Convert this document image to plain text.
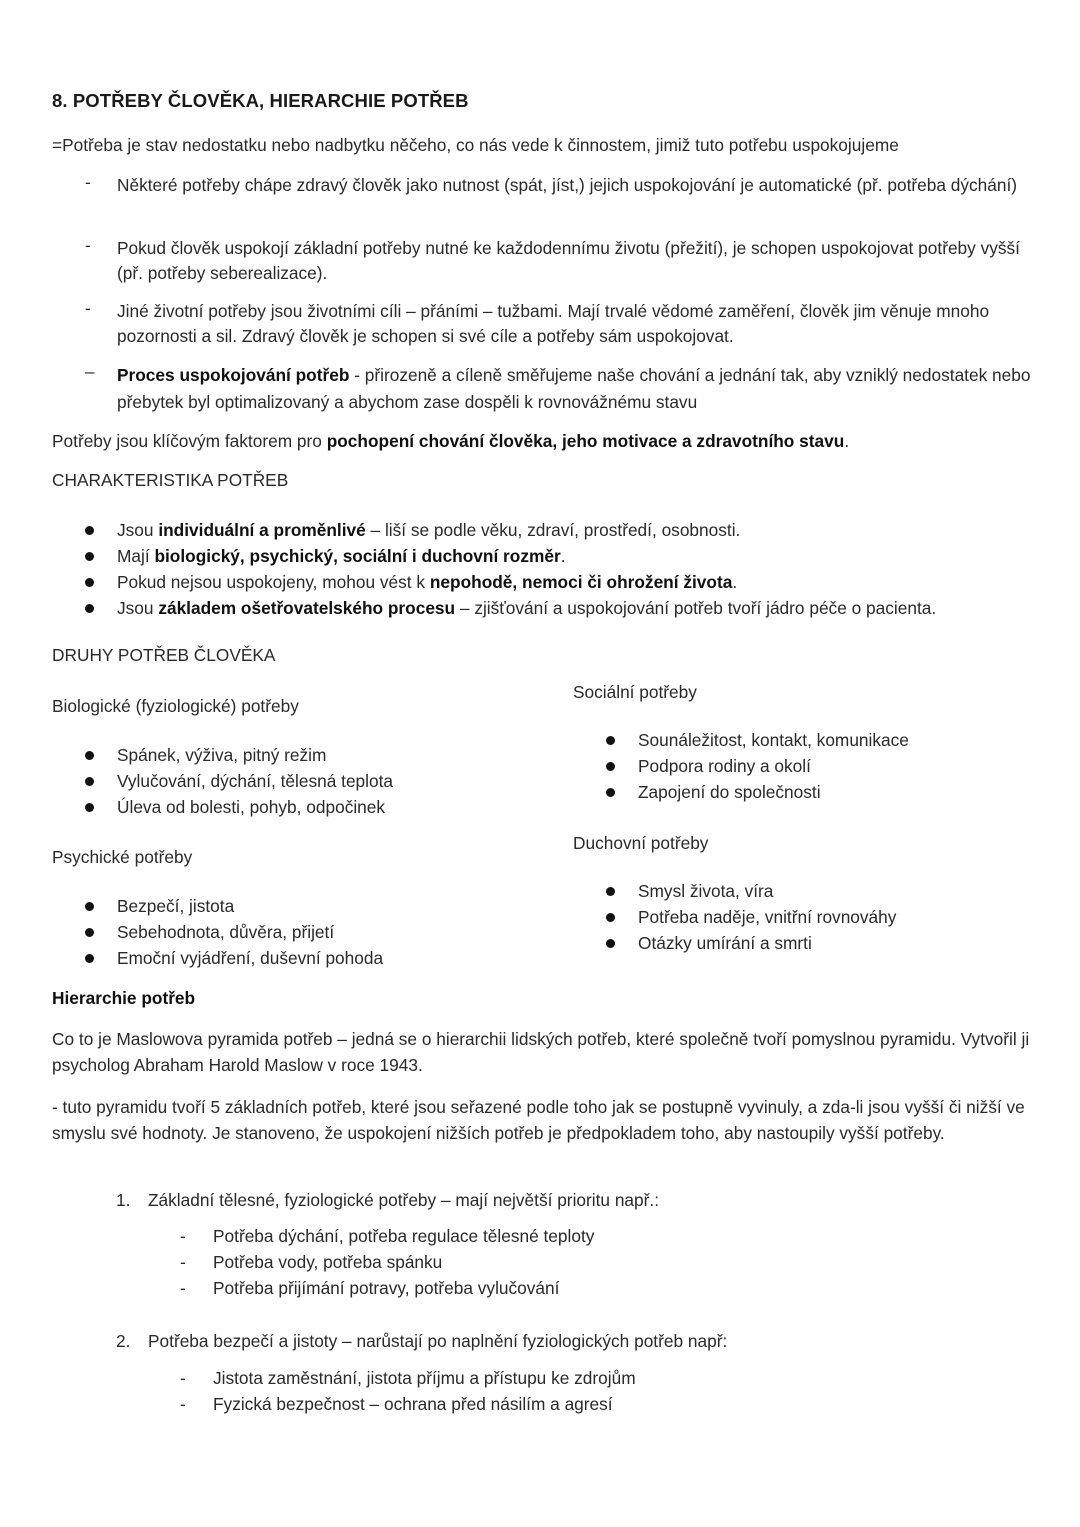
8. POTŘEBY ČLOVĚKA, HIERARCHIE POTŘEB
=Potřeba je stav nedostatku nebo nadbytku něčeho, co nás vede k činnostem, jimiž tuto potřebu uspokojujeme
-	Některé potřeby chápe zdravý člověk jako nutnost (spát, jíst,) jejich uspokojování je automatické (př. potřeba dýchání)
-	Pokud člověk uspokojí základní potřeby nutné ke každodennímu životu (přežití), je schopen uspokojovat potřeby vyšší (př. potřeby seberealizace).
-	Jiné životní potřeby jsou životními cíli – přáními – tužbami. Mají trvalé vědomé zaměření, člověk jim věnuje mnoho pozornosti a sil. Zdravý člověk je schopen si své cíle a potřeby sám uspokojovat.
–	Proces uspokojování potřeb - přirozeně a cíleně směřujeme naše chování a jednání tak, aby vzniklý nedostatek nebo přebytek byl optimalizovaný a abychom zase dospěli k rovnovážnému stavu
Potřeby jsou klíčovým faktorem pro pochopení chování člověka, jeho motivace a zdravotního stavu.
CHARAKTERISTIKA POTŘEB
Jsou individuální a proměnlivé – liší se podle věku, zdraví, prostředí, osobnosti.
Mají biologický, psychický, sociální i duchovní rozměr.
Pokud nejsou uspokojeny, mohou vést k nepohodě, nemoci či ohrožení života.
Jsou základem ošetřovatelského procesu – zjišťování a uspokojování potřeb tvoří jádro péče o pacienta.
DRUHY POTŘEB ČLOVĚKA
Biologické (fyziologické) potřeby
Spánek, výživa, pitný režim
Vylučování, dýchání, tělesná teplota
Úleva od bolesti, pohyb, odpočinek
Psychické potřeby
Bezpečí, jistota
Sebehodnota, důvěra, přijetí
Emoční vyjádření, duševní pohoda
Sociální potřeby
Sounáležitost, kontakt, komunikace
Podpora rodiny a okolí
Zapojení do společnosti
Duchovní potřeby
Smysl života, víra
Potřeba naděje, vnitřní rovnováhy
Otázky umírání a smrti
Hierarchie potřeb
Co to je Maslowova pyramida potřeb – jedná se o hierarchii lidských potřeb, které společně tvoří pomyslnou pyramidu. Vytvořil ji psycholog Abraham Harold Maslow v roce 1943.
- tuto pyramidu tvoří 5 základních potřeb, které jsou seřazené podle toho jak se postupně vyvinuly, a zda-li jsou vyšší či nižší ve smyslu své hodnoty. Je stanoveno, že uspokojení nižších potřeb je předpokladem toho, aby nastoupily vyšší potřeby.
1. Základní tělesné, fyziologické potřeby – mají největší prioritu např.:
- Potřeba dýchání, potřeba regulace tělesné teploty
- Potřeba vody, potřeba spánku
- Potřeba přijímání potravy, potřeba vylučování
2. Potřeba bezpečí a jistoty – narůstají po naplnění fyziologických potřeb např:
- Jistota zaměstnání, jistota příjmu a přístupu ke zdrojům
- Fyzická bezpečnost – ochrana před násilím a agresí
